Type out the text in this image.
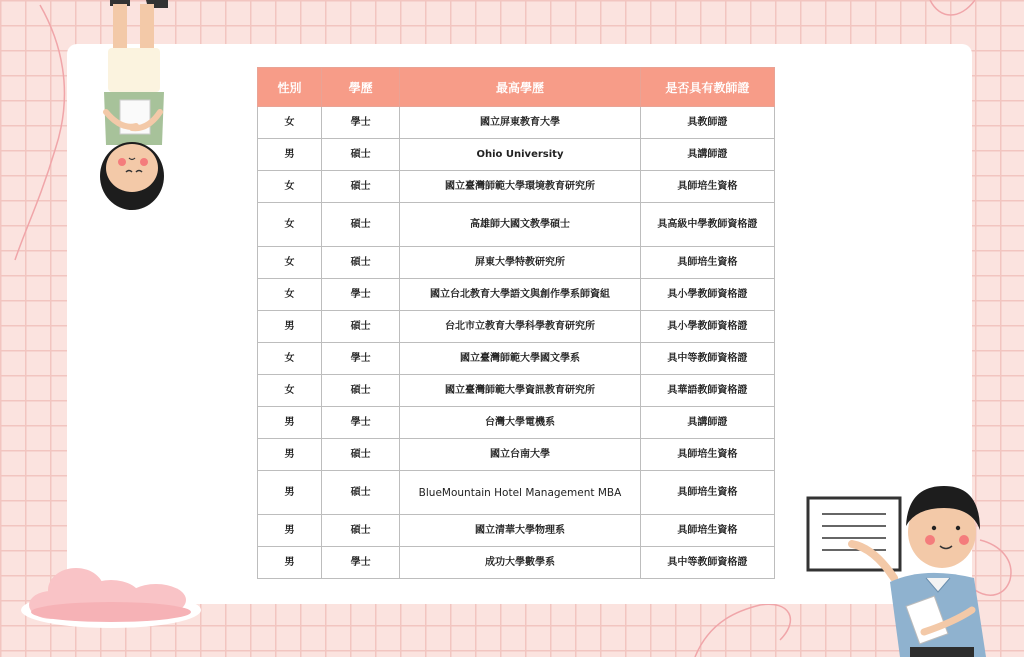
性別	學歷	最高學歷	是否具有教師證
女	學士	國立屏東教育大學	具教師證
男	碩士	Ohio University	具講師證
女	碩士	國立臺灣師範大學環境教育研究所	具師培生資格
女	碩士	高雄師大國文教學碩士	具高級中學教師資格證
女	碩士	屏東大學特教研究所	具師培生資格
女	學士	國立台北教育大學語文與創作學系師資組	具小學教師資格證
男	碩士	台北市立教育大學科學教育研究所	具小學教師資格證
女	學士	國立臺灣師範大學國文學系	具中等教師資格證
女	碩士	國立臺灣師範大學資訊教育研究所	具華語教師資格證
男	學士	台灣大學電機系	具講師證
男	碩士	國立台南大學	具師培生資格
男	碩士	BlueMountain Hotel Management MBA	具師培生資格
男	碩士	國立清華大學物理系	具師培生資格
男	學士	成功大學數學系	具中等教師資格證
